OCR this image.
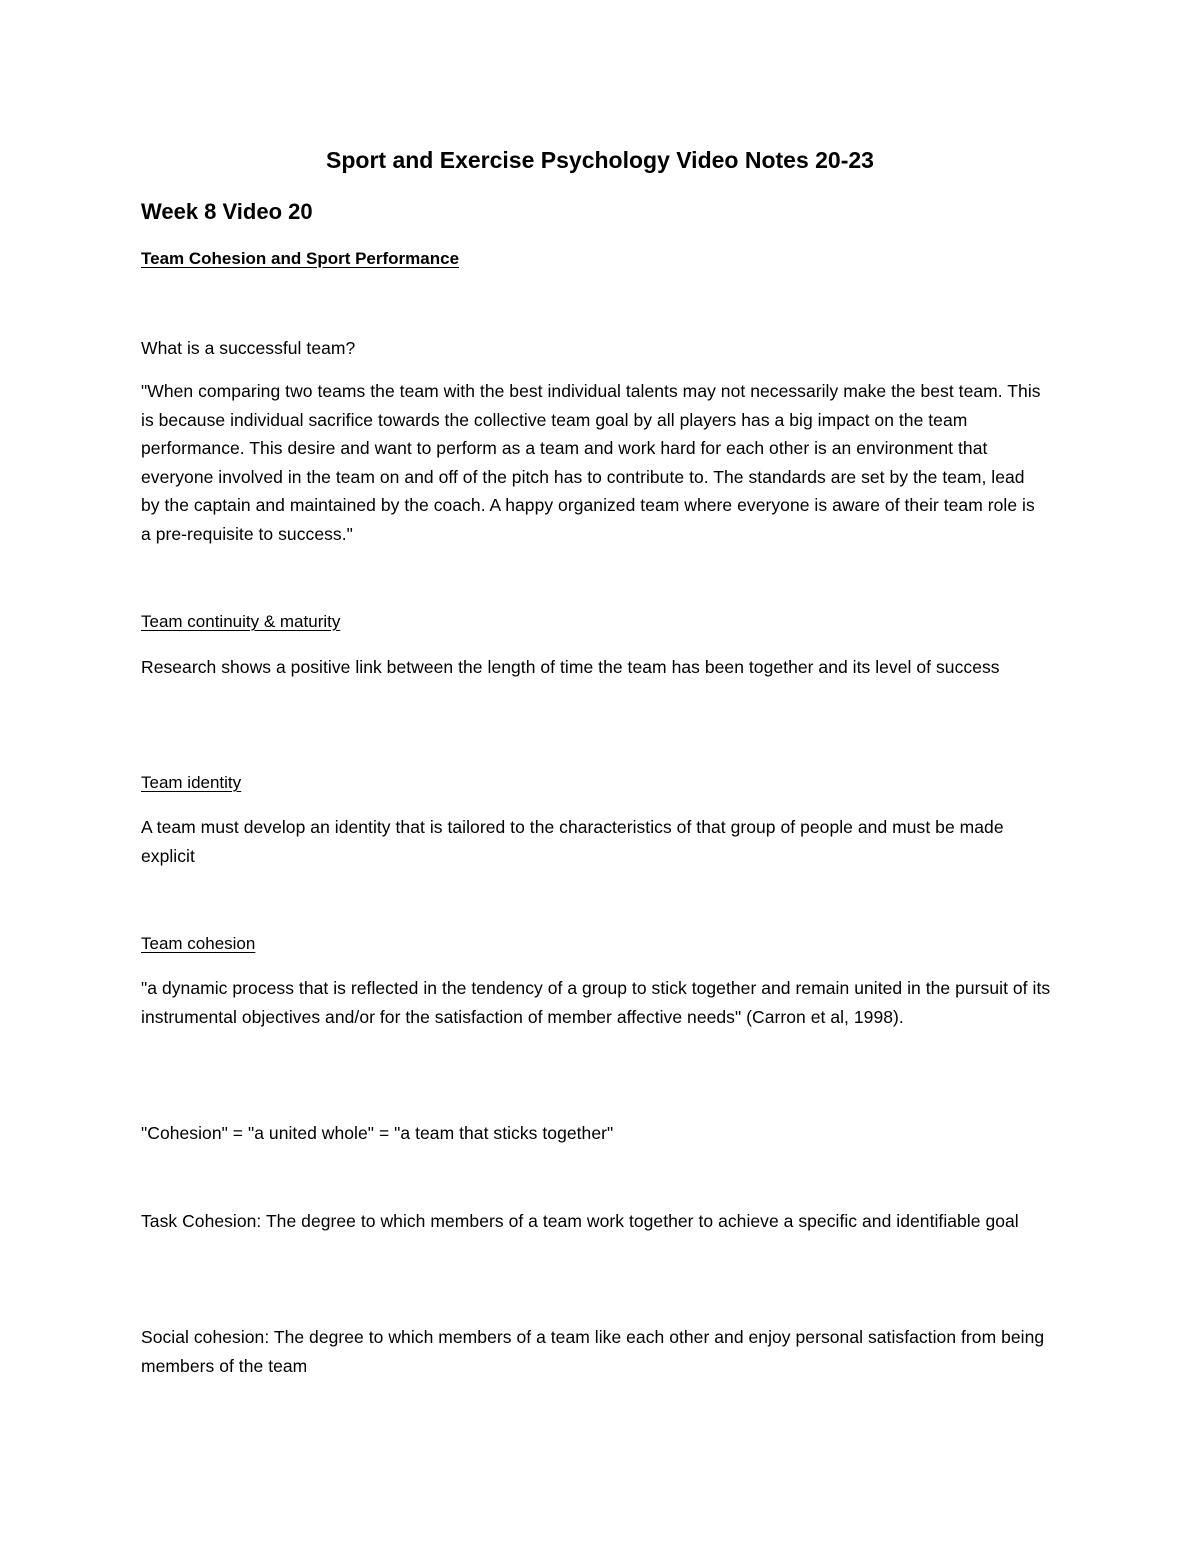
Sport and Exercise Psychology Video Notes 20-23
Week 8 Video 20
Team Cohesion and Sport Performance

What is a successful team?

"When comparing two teams the team with the best individual talents may not necessarily make the best team. This is because individual sacrifice towards the collective team goal by all players has a big impact on the team performance. This desire and want to perform as a team and work hard for each other is an environment that everyone involved in the team on and off of the pitch has to contribute to. The standards are set by the team, lead by the captain and maintained by the coach. A happy organized team where everyone is aware of their team role is a pre-requisite to success."

Team continuity & maturity

Research shows a positive link between the length of time the team has been together and its level of success

Team identity

A team must develop an identity that is tailored to the characteristics of that group of people and must be made explicit

Team cohesion

"a dynamic process that is reflected in the tendency of a group to stick together and remain united in the pursuit of its instrumental objectives and/or for the satisfaction of member affective needs" (Carron et al, 1998).

"Cohesion" = "a united whole" = "a team that sticks together"

Task Cohesion: The degree to which members of a team work together to achieve a specific and identifiable goal

Social cohesion: The degree to which members of a team like each other and enjoy personal satisfaction from being members of the team
